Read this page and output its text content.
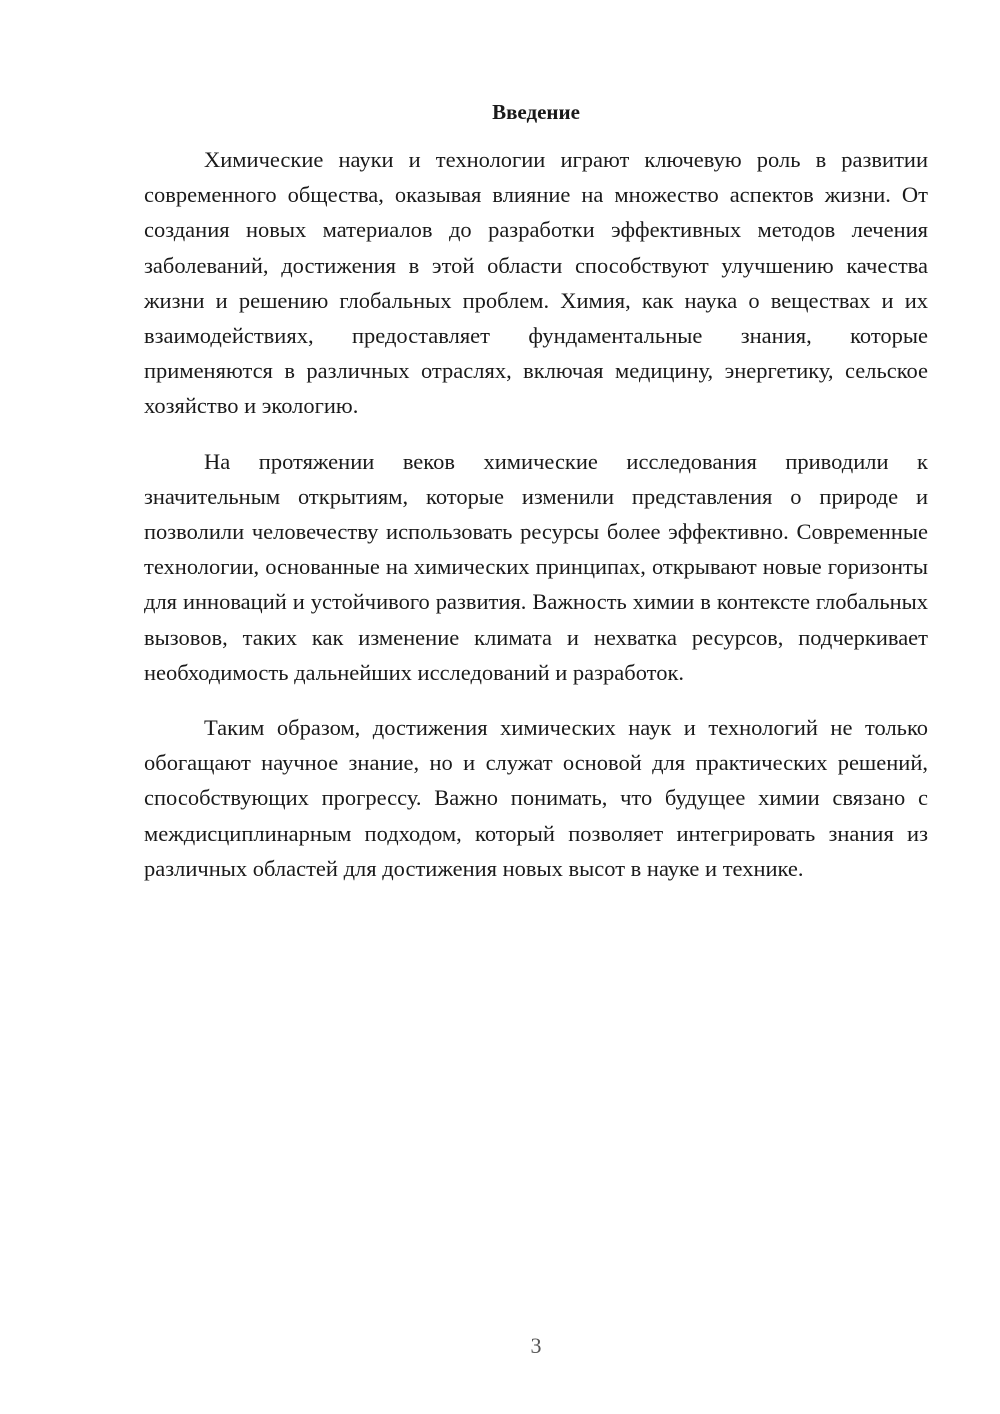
Введение

Химические науки и технологии играют ключевую роль в развитии современного общества, оказывая влияние на множество аспектов жизни. От создания новых материалов до разработки эффективных методов лечения заболеваний, достижения в этой области способствуют улучшению качества жизни и решению глобальных проблем. Химия, как наука о веществах и их взаимодействиях, предоставляет фундаментальные знания, которые применяются в различных отраслях, включая медицину, энергетику, сельское хозяйство и экологию.

На протяжении веков химические исследования приводили к значительным открытиям, которые изменили представления о природе и позволили человечеству использовать ресурсы более эффективно. Современные технологии, основанные на химических принципах, открывают новые горизонты для инноваций и устойчивого развития. Важность химии в контексте глобальных вызовов, таких как изменение климата и нехватка ресурсов, подчеркивает необходимость дальнейших исследований и разработок.

Таким образом, достижения химических наук и технологий не только обогащают научное знание, но и служат основой для практических решений, способствующих прогрессу. Важно понимать, что будущее химии связано с междисциплинарным подходом, который позволяет интегрировать знания из различных областей для достижения новых высот в науке и технике.

3
